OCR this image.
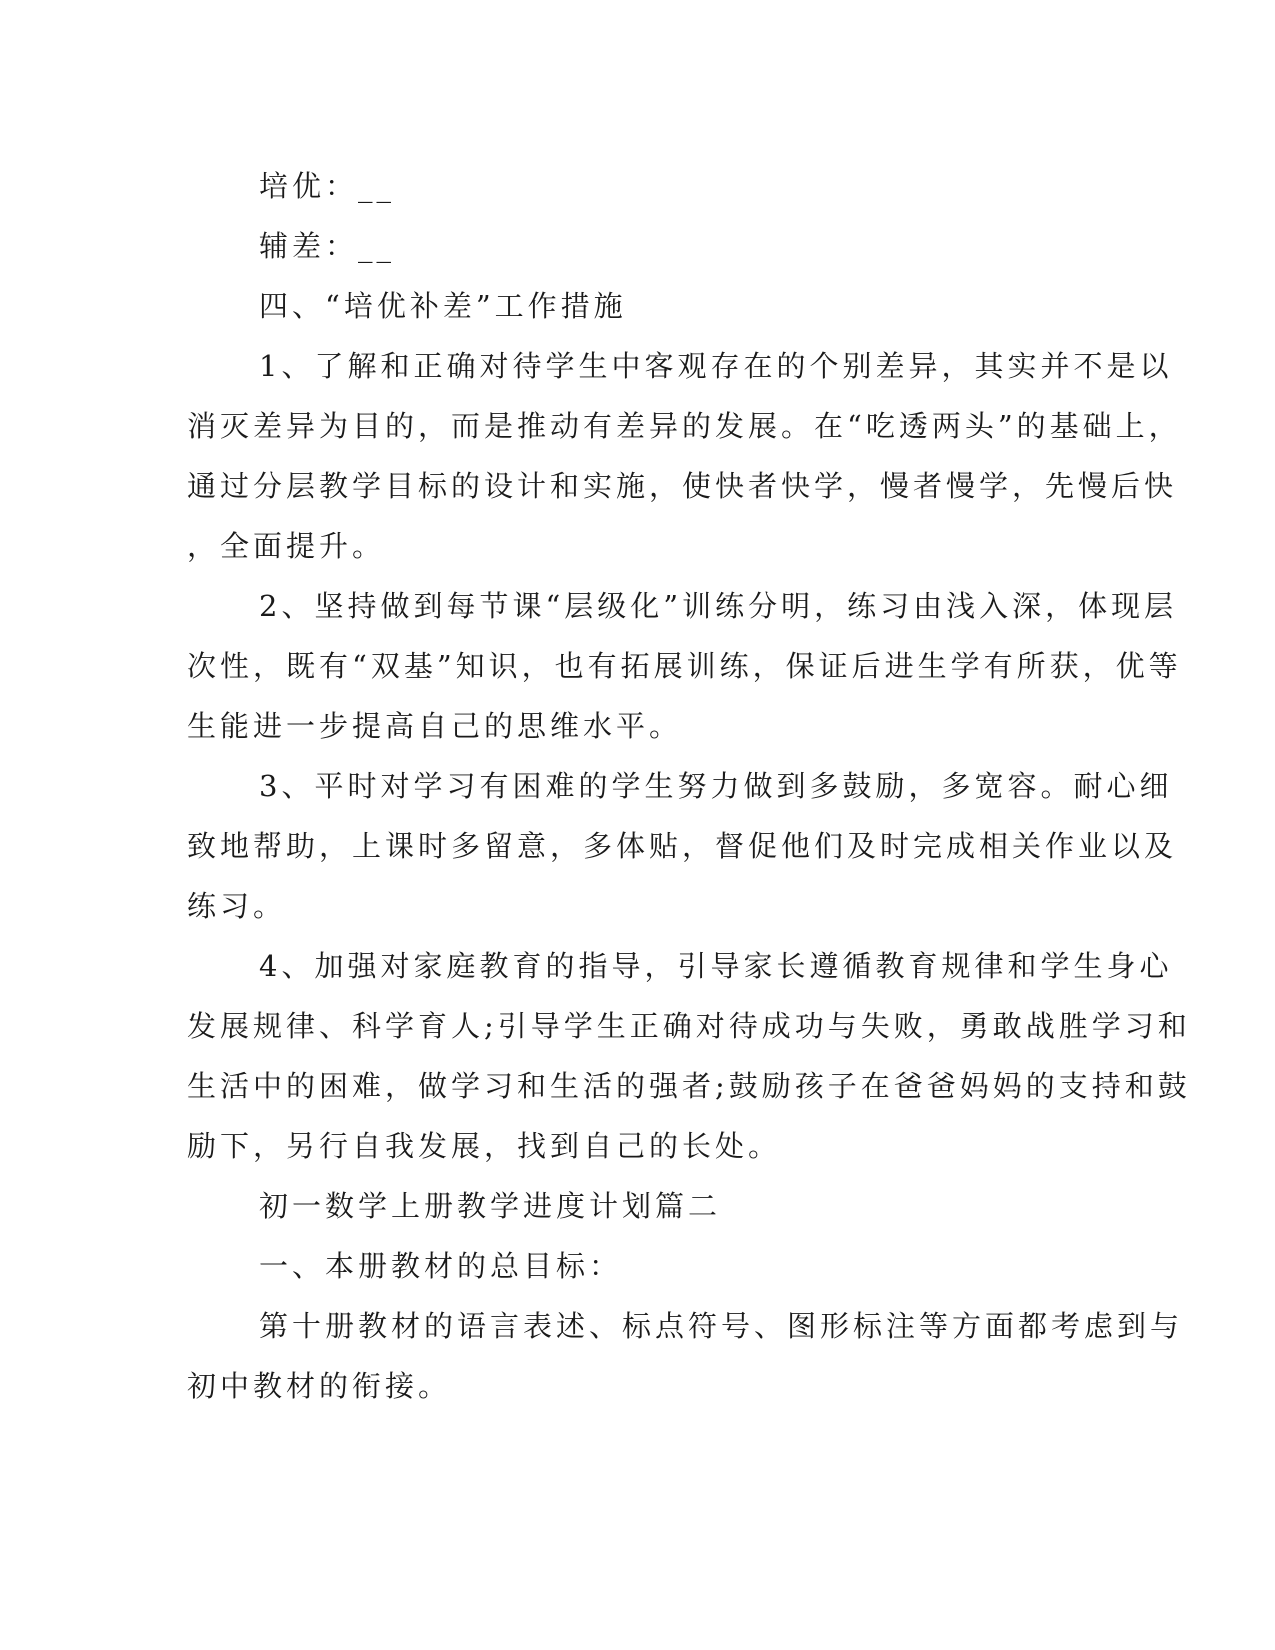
培优：__

辅差：__

四、“培优补差”工作措施

1、了解和正确对待学生中客观存在的个别差异，其实并不是以

消灭差异为目的，而是推动有差异的发展。在“吃透两头”的基础上，

通过分层教学目标的设计和实施，使快者快学，慢者慢学，先慢后快

，全面提升。

2、坚持做到每节课“层级化”训练分明，练习由浅入深，体现层

次性，既有“双基”知识，也有拓展训练，保证后进生学有所获，优等

生能进一步提高自己的思维水平。

3、平时对学习有困难的学生努力做到多鼓励，多宽容。耐心细

致地帮助，上课时多留意，多体贴，督促他们及时完成相关作业以及

练习。

4、加强对家庭教育的指导，引导家长遵循教育规律和学生身心

发展规律、科学育人;引导学生正确对待成功与失败，勇敢战胜学习和

生活中的困难，做学习和生活的强者;鼓励孩子在爸爸妈妈的支持和鼓

励下，另行自我发展，找到自己的长处。

初一数学上册教学进度计划篇二

一、本册教材的总目标：

第十册教材的语言表述、标点符号、图形标注等方面都考虑到与

初中教材的衔接。
